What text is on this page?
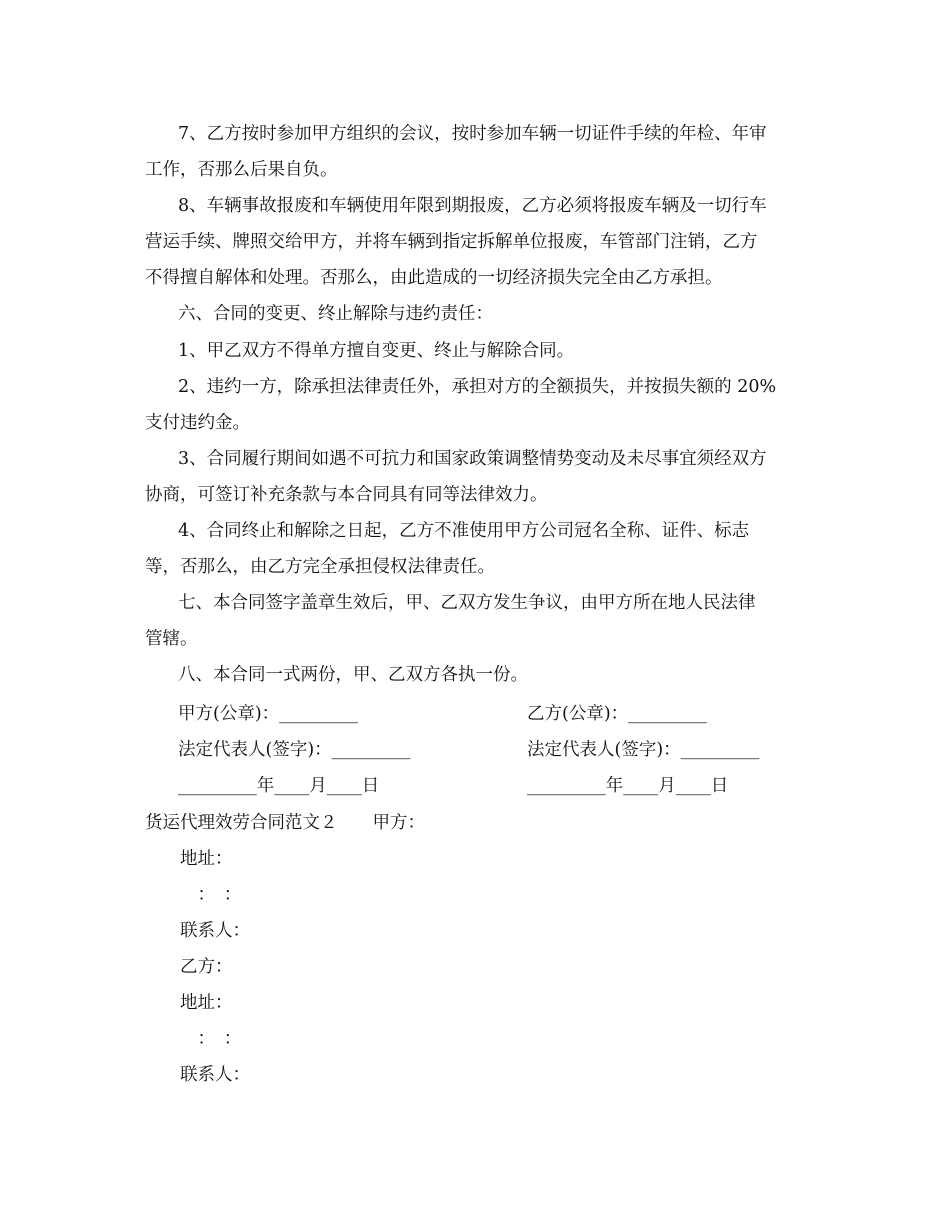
7、乙方按时参加甲方组织的会议，按时参加车辆一切证件手续的年检、年审
工作，否那么后果自负。
8、车辆事故报废和车辆使用年限到期报废，乙方必须将报废车辆及一切行车
营运手续、牌照交给甲方，并将车辆到指定拆解单位报废，车管部门注销，乙方
不得擅自解体和处理。否那么，由此造成的一切经济损失完全由乙方承担。
六、合同的变更、终止解除与违约责任：
1、甲乙双方不得单方擅自变更、终止与解除合同。
2、违约一方，除承担法律责任外，承担对方的全额损失，并按损失额的 20%
支付违约金。
3、合同履行期间如遇不可抗力和国家政策调整情势变动及未尽事宜须经双方
协商，可签订补充条款与本合同具有同等法律效力。
4、合同终止和解除之日起，乙方不准使用甲方公司冠名全称、证件、标志
等，否那么，由乙方完全承担侵权法律责任。
七、本合同签字盖章生效后，甲、乙双方发生争议，由甲方所在地人民法律
管辖。
八、本合同一式两份，甲、乙双方各执一份。
甲方(公章)：_________	乙方(公章)：_________
法定代表人(签字)：_________	法定代表人(签字)：_________
_________年____月____日	_________年____月____日
货运代理效劳合同范文２　　甲方：
地址：
　：　：
联系人：
乙方：
地址：
　：　：
联系人：
